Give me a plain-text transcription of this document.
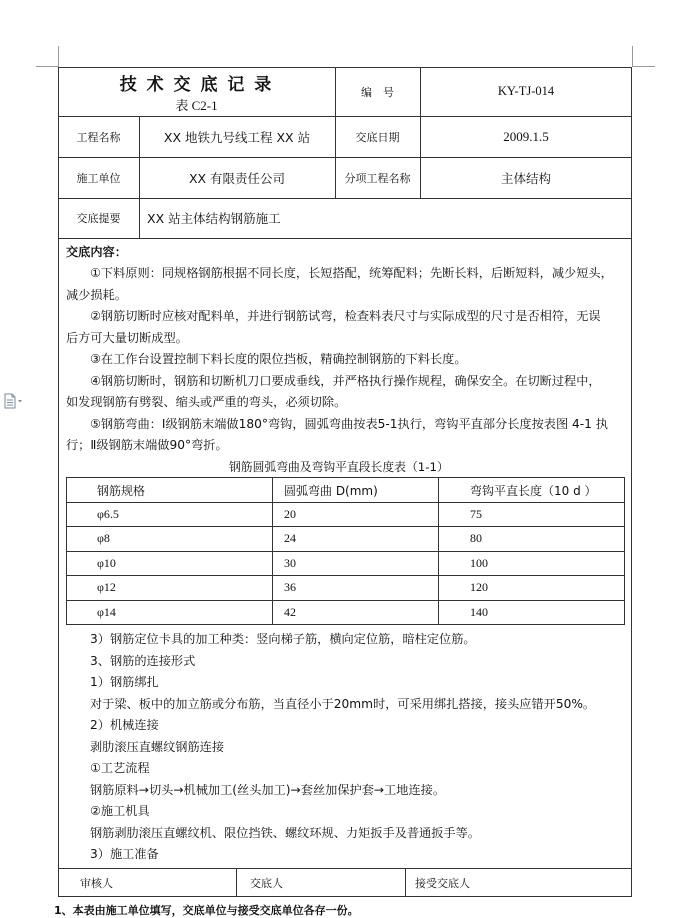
技 术 交 底 记 录
表 C2-1
编　号	KY-TJ-014
工程名称	XX 地铁九号线工程 XX 站	交底日期	2009.1.5
施工单位	XX 有限责任公司	分项工程名称	主体结构
交底提要	XX 站主体结构钢筋施工
交底内容：
①下料原则：同规格钢筋根据不同长度，长短搭配，统筹配料；先断长料，后断短料，减少短头，
减少损耗。
②钢筋切断时应核对配料单，并进行钢筋试弯，检查料表尺寸与实际成型的尺寸是否相符，无误
后方可大量切断成型。
③在工作台设置控制下料长度的限位挡板，精确控制钢筋的下料长度。
④钢筋切断时，钢筋和切断机刀口要成垂线，并严格执行操作规程，确保安全。在切断过程中，
如发现钢筋有劈裂、缩头或严重的弯头，必须切除。
⑤钢筋弯曲：Ⅰ级钢筋末端做180°弯钩，圆弧弯曲按表5-1执行，弯钩平直部分长度按表图 4-1 执
行；Ⅱ级钢筋末端做90°弯折。
钢筋圆弧弯曲及弯钩平直段长度表（1-1）
钢筋规格	圆弧弯曲 D(mm)	弯钩平直长度（10 d ）
φ6.5	20	75
φ8	24	80
φ10	30	100
φ12	36	120
φ14	42	140
3）钢筋定位卡具的加工种类：竖向梯子筋，横向定位筋，暗柱定位筋。
3、钢筋的连接形式
1）钢筋绑扎
对于梁、板中的加立筋或分布筋，当直径小于20mm时，可采用绑扎搭接，接头应错开50%。
2）机械连接
剥肋滚压直螺纹钢筋连接
①工艺流程
钢筋原料→切头→机械加工(丝头加工)→套丝加保护套→工地连接。
②施工机具
钢筋剥肋滚压直螺纹机、限位挡铁、螺纹环规、力矩扳手及普通扳手等。
3）施工准备
审核人	交底人	接受交底人
1、本表由施工单位填写，交底单位与接受交底单位各存一份。
